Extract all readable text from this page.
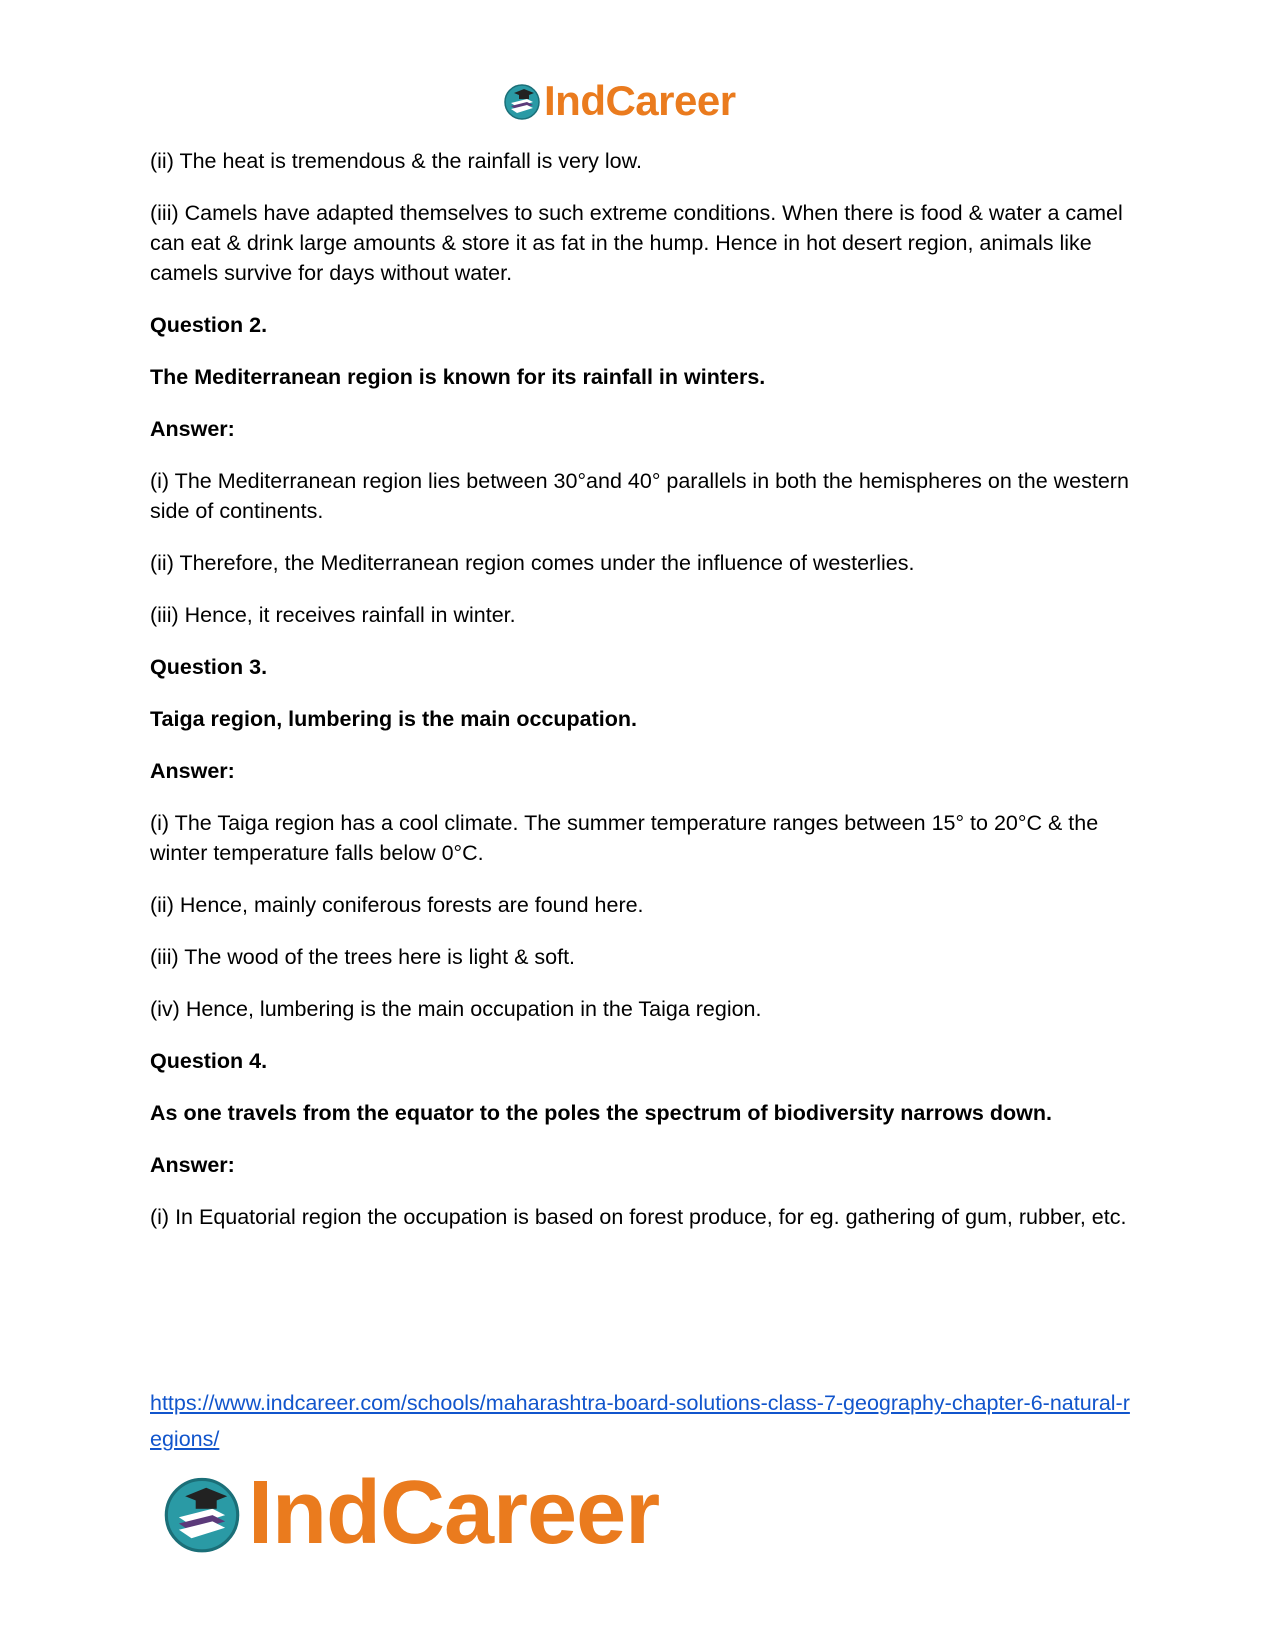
IndCareer

(ii) The heat is tremendous & the rainfall is very low.

(iii) Camels have adapted themselves to such extreme conditions. When there is food & water a camel can eat & drink large amounts & store it as fat in the hump. Hence in hot desert region, animals like camels survive for days without water.

Question 2.

The Mediterranean region is known for its rainfall in winters.

Answer:

(i) The Mediterranean region lies between 30°and 40° parallels in both the hemispheres on the western side of continents.

(ii) Therefore, the Mediterranean region comes under the influence of westerlies.

(iii) Hence, it receives rainfall in winter.

Question 3.

Taiga region, lumbering is the main occupation.

Answer:

(i) The Taiga region has a cool climate. The summer temperature ranges between 15° to 20°C & the winter temperature falls below 0°C.

(ii) Hence, mainly coniferous forests are found here.

(iii) The wood of the trees here is light & soft.

(iv) Hence, lumbering is the main occupation in the Taiga region.

Question 4.

As one travels from the equator to the poles the spectrum of biodiversity narrows down.

Answer:

(i) In Equatorial region the occupation is based on forest produce, for eg. gathering of gum, rubber, etc.

https://www.indcareer.com/schools/maharashtra-board-solutions-class-7-geography-chapter-6-natural-regions/
IndCareer
